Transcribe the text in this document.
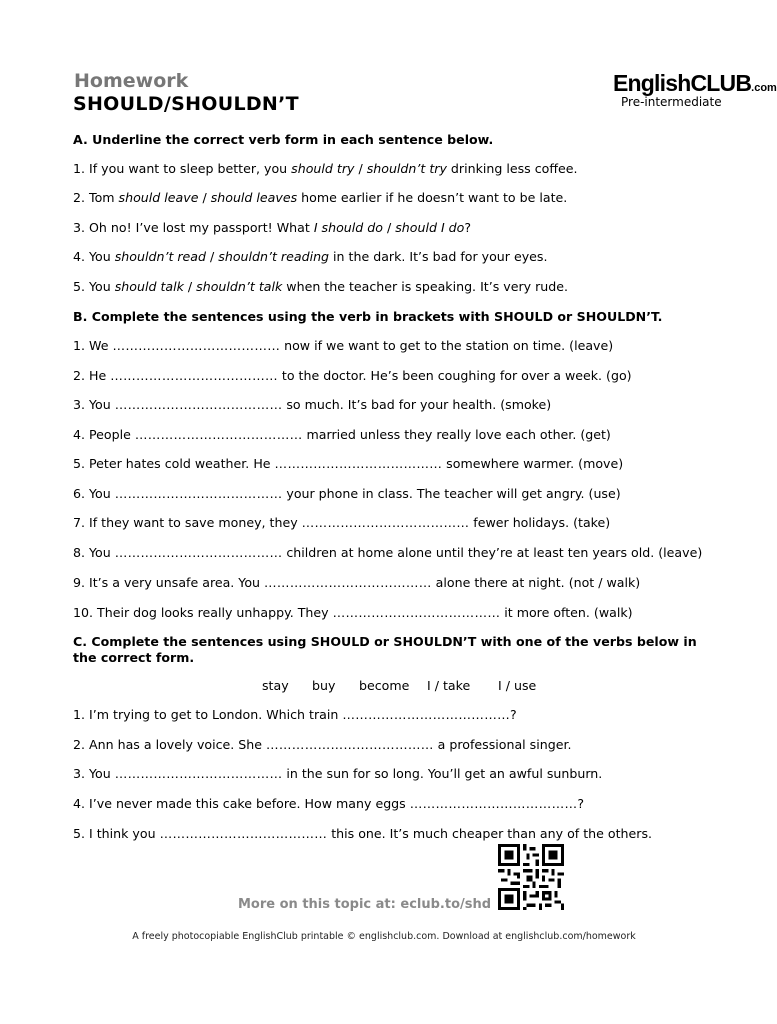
Homework
SHOULD/SHOULDN’T
EnglishCLUB.com
Pre-intermediate
A. Underline the correct verb form in each sentence below.
1. If you want to sleep better, you should try / shouldn’t try drinking less coffee.
2. Tom should leave / should leaves home earlier if he doesn’t want to be late.
3. Oh no! I’ve lost my passport! What I should do / should I do?
4. You shouldn’t read / shouldn’t reading in the dark. It’s bad for your eyes.
5. You should talk / shouldn’t talk when the teacher is speaking. It’s very rude.
B. Complete the sentences using the verb in brackets with SHOULD or SHOULDN’T.
1. We ………………………………… now if we want to get to the station on time. (leave)
2. He ………………………………… to the doctor. He’s been coughing for over a week. (go)
3. You ………………………………… so much. It’s bad for your health. (smoke)
4. People ………………………………… married unless they really love each other. (get)
5. Peter hates cold weather. He ………………………………… somewhere warmer. (move)
6. You ………………………………… your phone in class. The teacher will get angry. (use)
7. If they want to save money, they ………………………………… fewer holidays. (take)
8. You ………………………………… children at home alone until they’re at least ten years old. (leave)
9. It’s a very unsafe area. You ………………………………… alone there at night. (not / walk)
10. Their dog looks really unhappy. They ………………………………… it more often. (walk)
C. Complete the sentences using SHOULD or SHOULDN’T with one of the verbs below in the correct form.
stay buy become I / take I / use
1. I’m trying to get to London. Which train …………………………………?
2. Ann has a lovely voice. She ………………………………… a professional singer.
3. You ………………………………… in the sun for so long. You’ll get an awful sunburn.
4. I’ve never made this cake before. How many eggs …………………………………?
5. I think you ………………………………… this one. It’s much cheaper than any of the others.
More on this topic at: eclub.to/shd
A freely photocopiable EnglishClub printable © englishclub.com. Download at englishclub.com/homework
